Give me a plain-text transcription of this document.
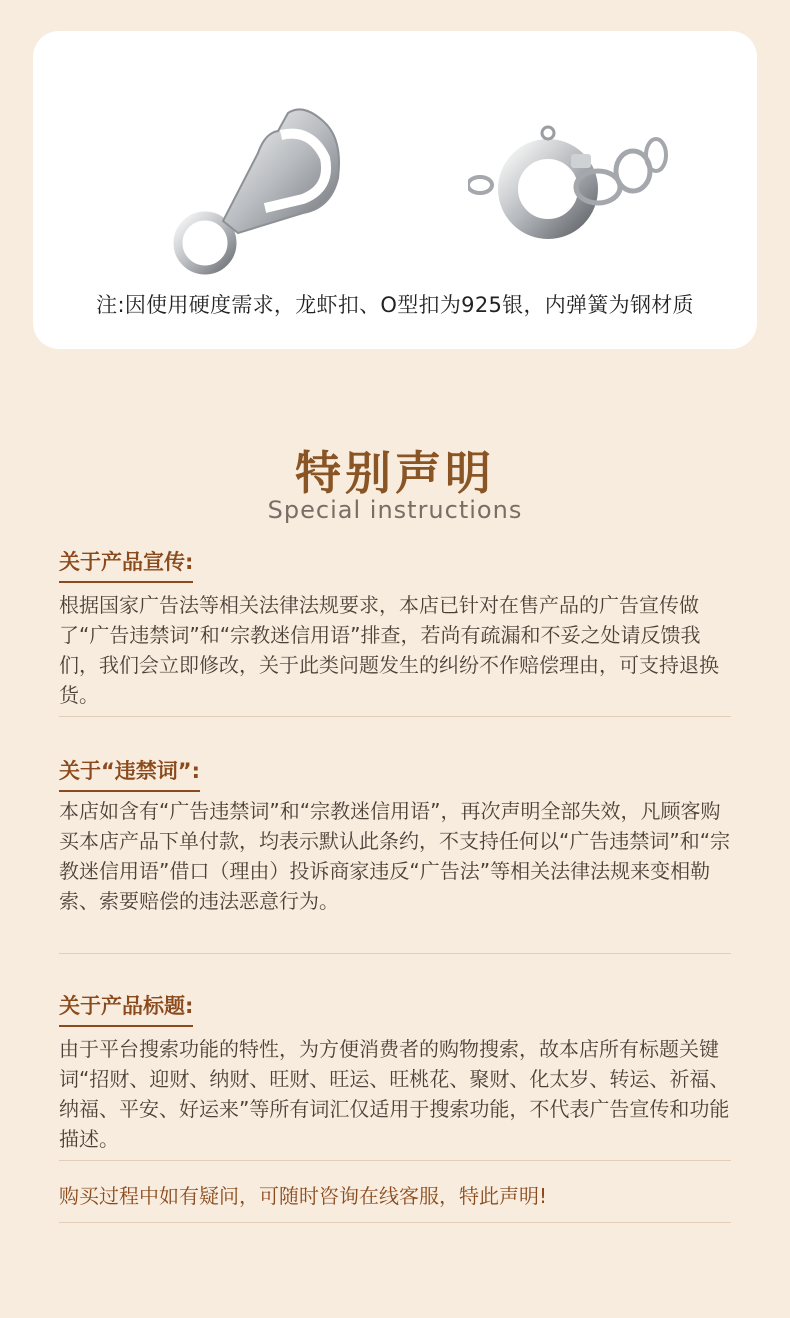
注:因使用硬度需求，龙虾扣、O型扣为925银，内弹簧为钢材质
特别声明
Special instructions
关于产品宣传:
根据国家广告法等相关法律法规要求，本店已针对在售产品的广告宣传做了“广告违禁词”和“宗教迷信用语”排查，若尚有疏漏和不妥之处请反馈我们，我们会立即修改，关于此类问题发生的纠纷不作赔偿理由，可支持退换货。
关于“违禁词”:
本店如含有“广告违禁词”和“宗教迷信用语”，再次声明全部失效，凡顾客购买本店产品下单付款，均表示默认此条约，不支持任何以“广告违禁词”和“宗教迷信用语”借口（理由）投诉商家违反“广告法”等相关法律法规来变相勒索、索要赔偿的违法恶意行为。
关于产品标题:
由于平台搜索功能的特性，为方便消费者的购物搜索，故本店所有标题关键词“招财、迎财、纳财、旺财、旺运、旺桃花、聚财、化太岁、转运、祈福、纳福、平安、好运来”等所有词汇仅适用于搜索功能，不代表广告宣传和功能描述。
购买过程中如有疑问，可随时咨询在线客服，特此声明!
